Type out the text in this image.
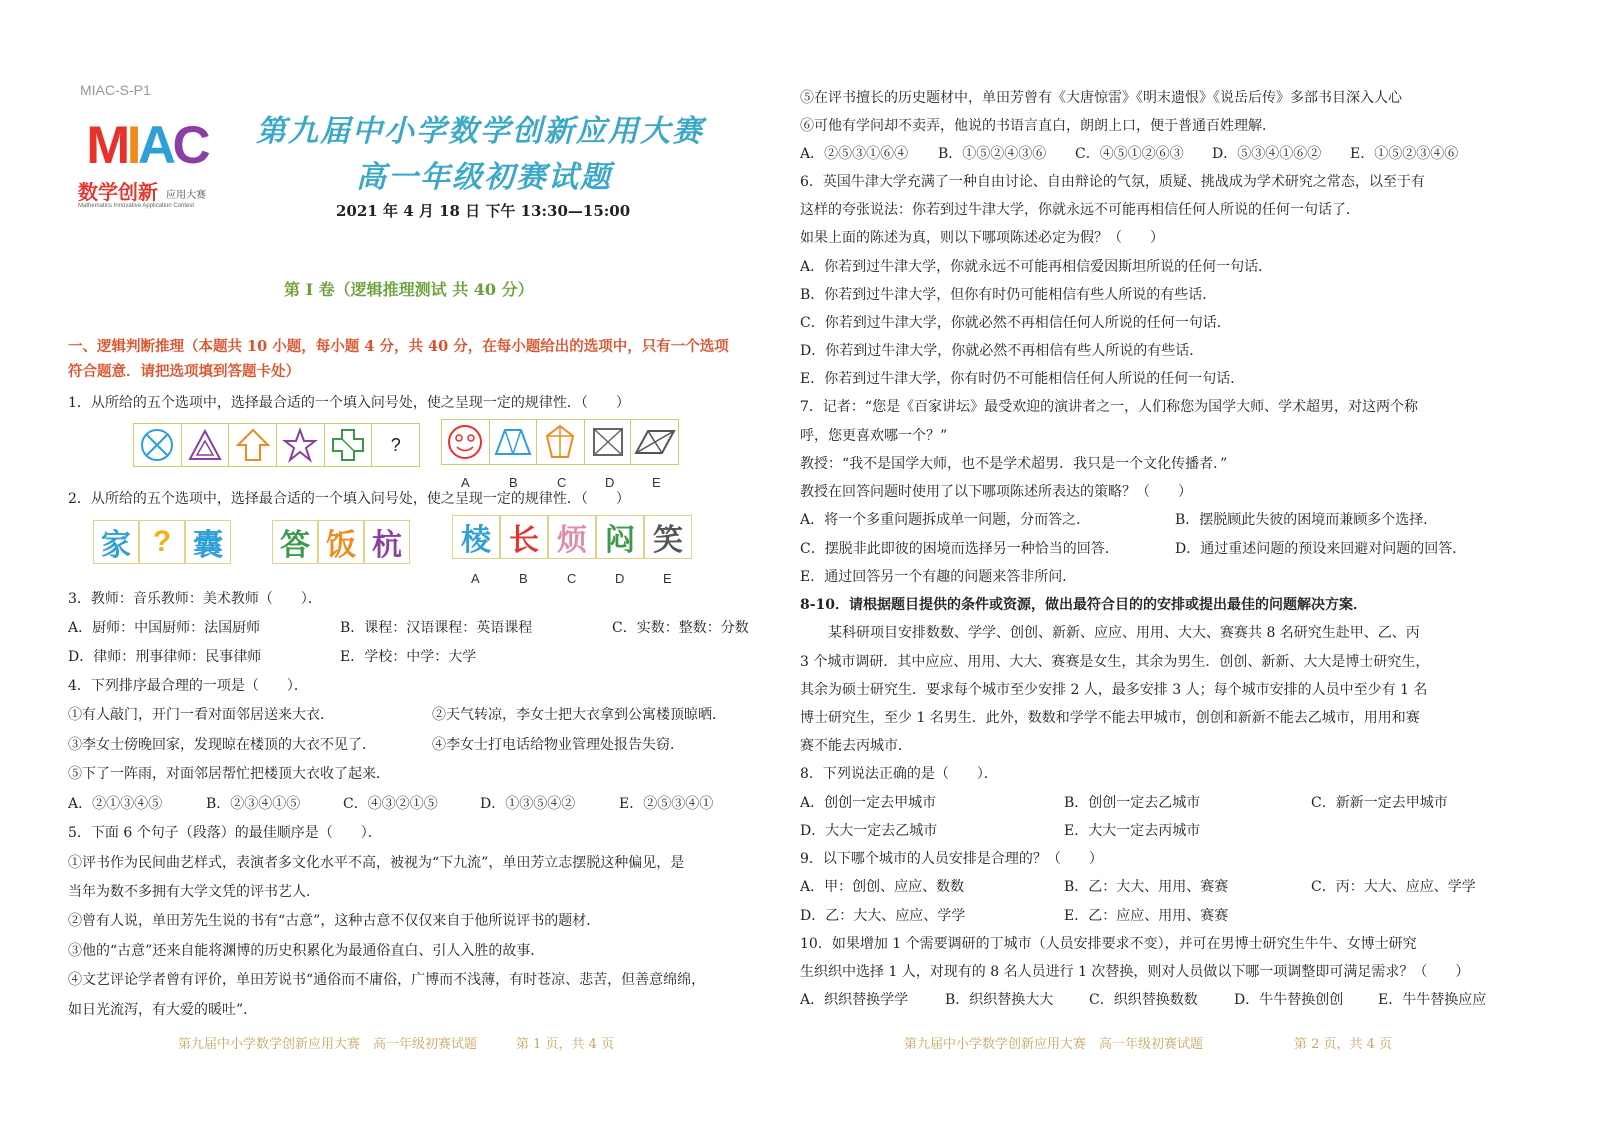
MIAC-S-P1
MIAC
数学创新 应用大赛
Mathematics Innovative Application Contest
第九届中小学数学创新应用大赛
高一年级初赛试题
2021 年 4 月 18 日 下午 13:30—15:00
第 I 卷（逻辑推理测试 共 40 分）
一、逻辑判断推理（本题共 10 小题，每小题 4 分，共 40 分，在每小题给出的选项中，只有一个选项
符合题意．请把选项填到答题卡处）
1．从所给的五个选项中，选择最合适的一个填入问号处，使之呈现一定的规律性．（　　）
?
A	B	C	D	E
2．从所给的五个选项中，选择最合适的一个填入问号处，使之呈现一定的规律性．（　　）
家 ? 囊 答 饭 杭	棱 长 烦 闷 笑
A	B	C	D	E
3．教师：音乐教师：美术教师（　　）．
A．厨师：中国厨师：法国厨师	B．课程：汉语课程：英语课程	C．实数：整数：分数
D．律师：刑事律师：民事律师	E．学校：中学：大学
4．下列排序最合理的一项是（　　）．
①有人敲门，开门一看对面邻居送来大衣．	②天气转凉，李女士把大衣拿到公寓楼顶晾晒．
③李女士傍晚回家，发现晾在楼顶的大衣不见了．	④李女士打电话给物业管理处报告失窃．
⑤下了一阵雨，对面邻居帮忙把楼顶大衣收了起来．
A．②①③④⑤	B．②③④①⑤	C．④③②①⑤	D．①③⑤④②	E．②⑤③④①
5．下面 6 个句子（段落）的最佳顺序是（　　）．
①评书作为民间曲艺样式，表演者多文化水平不高，被视为“下九流”，单田芳立志摆脱这种偏见，是
当年为数不多拥有大学文凭的评书艺人．
②曾有人说，单田芳先生说的书有“古意”，这种古意不仅仅来自于他所说评书的题材．
③他的“古意”还来自能将渊博的历史积累化为最通俗直白、引人入胜的故事．
④文艺评论学者曾有评价，单田芳说书“通俗而不庸俗，广博而不浅薄，有时苍凉、悲苦，但善意绵绵，
如日光流泻，有大爱的暖吐”．
第九届中小学数学创新应用大赛　高一年级初赛试题　　　第 1 页，共 4 页
⑤在评书擅长的历史题材中，单田芳曾有《大唐惊雷》《明末遗恨》《说岳后传》多部书目深入人心
⑥可他有学问却不卖弄，他说的书语言直白，朗朗上口，便于普通百姓理解．
A．②⑤③①⑥④ B．①⑤②④③⑥ C．④⑤①②⑥③ D．⑤③④①⑥② E．①⑤②③④⑥
6．英国牛津大学充满了一种自由讨论、自由辩论的气氛，质疑、挑战成为学术研究之常态，以至于有
这样的夸张说法：你若到过牛津大学，你就永远不可能再相信任何人所说的任何一句话了．
如果上面的陈述为真，则以下哪项陈述必定为假？（　　）
A．你若到过牛津大学，你就永远不可能再相信爱因斯坦所说的任何一句话．
B．你若到过牛津大学，但你有时仍可能相信有些人所说的有些话．
C．你若到过牛津大学，你就必然不再相信任何人所说的任何一句话．
D．你若到过牛津大学，你就必然不再相信有些人所说的有些话．
E．你若到过牛津大学，你有时仍不可能相信任何人所说的任何一句话．
7．记者：“您是《百家讲坛》最受欢迎的演讲者之一，人们称您为国学大师、学术超男，对这两个称
呼，您更喜欢哪一个？”
教授：“我不是国学大师，也不是学术超男．我只是一个文化传播者．”
教授在回答问题时使用了以下哪项陈述所表达的策略？（　　）
A．将一个多重问题拆成单一问题，分而答之．	B．摆脱顾此失彼的困境而兼顾多个选择．
C．摆脱非此即彼的困境而选择另一种恰当的回答．	D．通过重述问题的预设来回避对问题的回答．
E．通过回答另一个有趣的问题来答非所问．
8-10．请根据题目提供的条件或资源，做出最符合目的的安排或提出最佳的问题解决方案．
某科研项目安排数数、学学、创创、新新、应应、用用、大大、赛赛共 8 名研究生赴甲、乙、丙
3 个城市调研．其中应应、用用、大大、赛赛是女生，其余为男生．创创、新新、大大是博士研究生，
其余为硕士研究生．要求每个城市至少安排 2 人，最多安排 3 人；每个城市安排的人员中至少有 1 名
博士研究生，至少 1 名男生．此外，数数和学学不能去甲城市，创创和新新不能去乙城市，用用和赛
赛不能去丙城市．
8．下列说法正确的是（　　）．
A．创创一定去甲城市	B．创创一定去乙城市	C．新新一定去甲城市
D．大大一定去乙城市	E．大大一定去丙城市
9．以下哪个城市的人员安排是合理的？（　　）
A．甲：创创、应应、数数	B．乙：大大、用用、赛赛	C．丙：大大、应应、学学
D．乙：大大、应应、学学	E．乙：应应、用用、赛赛
10．如果增加 1 个需要调研的丁城市（人员安排要求不变），并可在男博士研究生牛牛、女博士研究
生织织中选择 1 人，对现有的 8 名人员进行 1 次替换，则对人员做以下哪一项调整即可满足需求？（　　）
A．织织替换学学	B．织织替换大大	C．织织替换数数	D．牛牛替换创创 E．牛牛替换应应
第九届中小学数学创新应用大赛　高一年级初赛试题　　　　　　　第 2 页，共 4 页
